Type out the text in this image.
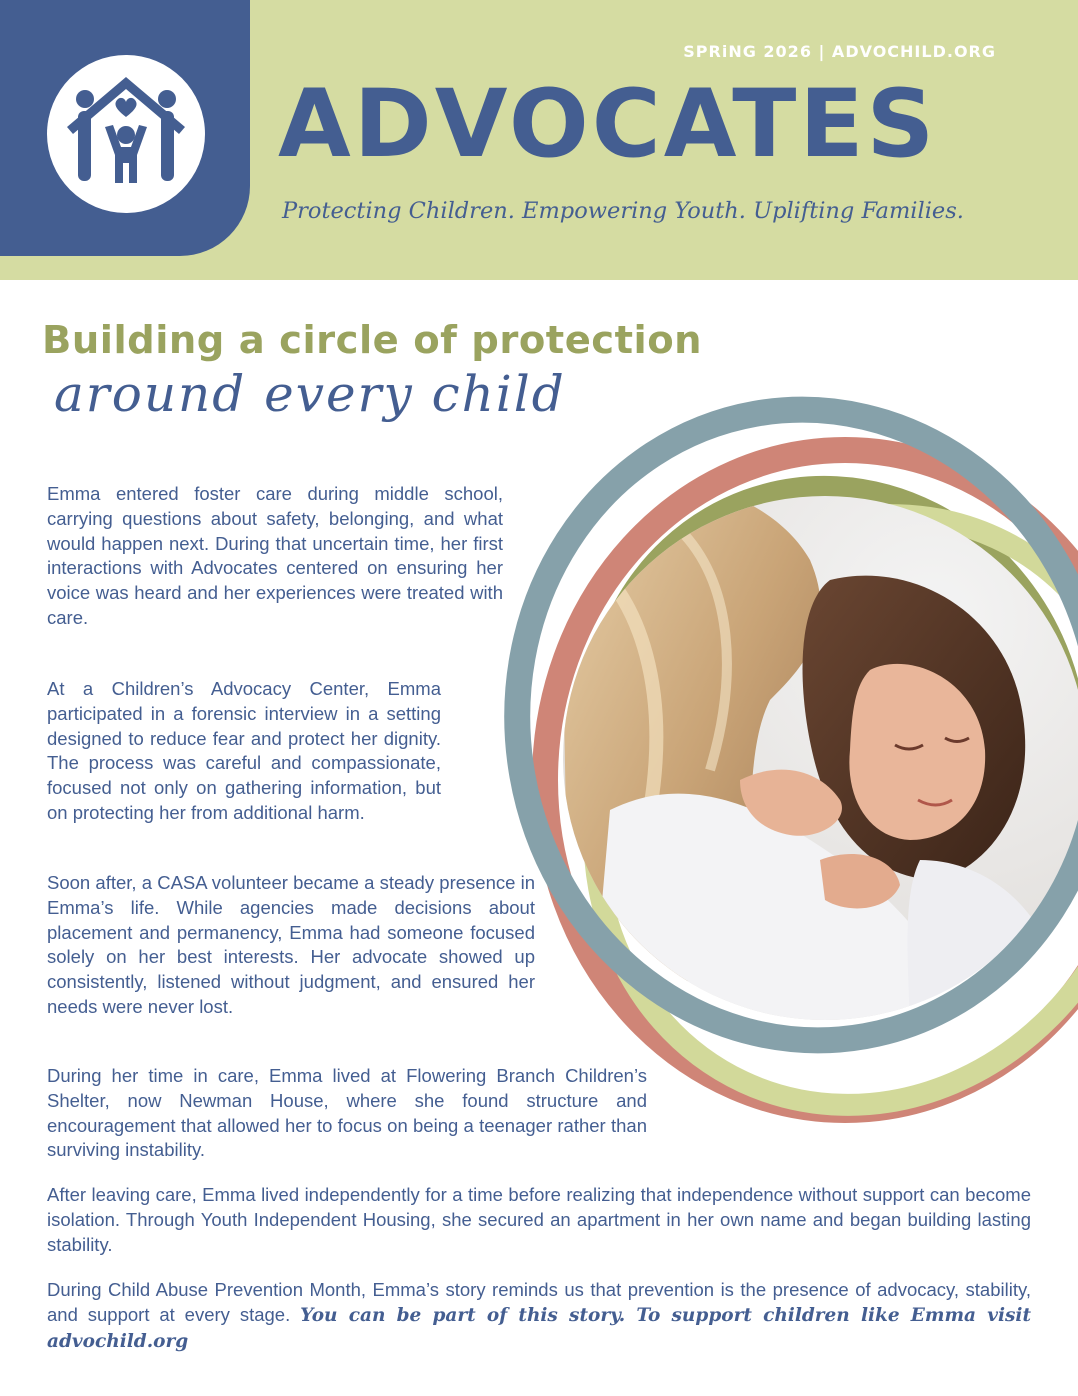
SPRiNG 2026 | ADVOCHILD.ORG
ADVOCATES
Protecting Children. Empowering Youth. Uplifting Families.
Building a circle of protection
around every child

Emma entered foster care during middle school, carrying questions about safety, belonging, and what would happen next. During that uncertain time, her first interactions with Advocates centered on ensuring her voice was heard and her experiences were treated with care.

At a Children’s Advocacy Center, Emma participated in a forensic interview in a setting designed to reduce fear and protect her dignity. The process was careful and compassionate, focused not only on gathering information, but on protecting her from additional harm.

Soon after, a CASA volunteer became a steady presence in Emma’s life. While agencies made decisions about placement and permanency, Emma had someone focused solely on her best interests. Her advocate showed up consistently, listened without judgment, and ensured her needs were never lost.

During her time in care, Emma lived at Flowering Branch Children’s Shelter, now Newman House, where she found structure and encouragement that allowed her to focus on being a teenager rather than surviving instability.

After leaving care, Emma lived independently for a time before realizing that independence without support can become isolation. Through Youth Independent Housing, she secured an apartment in her own name and began building lasting stability.

During Child Abuse Prevention Month, Emma’s story reminds us that prevention is the presence of advocacy, stability, and support at every stage. You can be part of this story. To support children like Emma visit advochild.org
